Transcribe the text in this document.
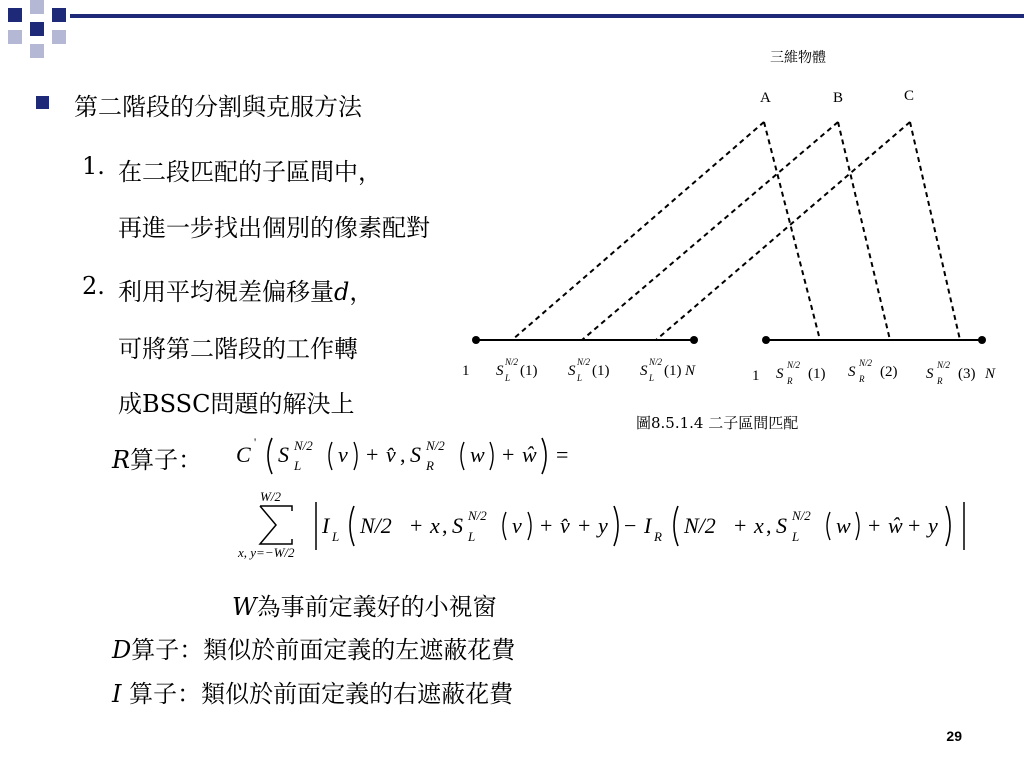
第二階段的分割與克服方法
1. 在二段匹配的子區間中，
再進一步找出個別的像素配對
2. 利用平均視差偏移量d，
可將第二階段的工作轉
成BSSC問題的解決上
R算子：
W為事前定義好的小視窗
D算子：類似於前面定義的左遮蔽花費
I 算子：類似於前面定義的右遮蔽花費
三維物體
A	B	C
1	N	1	N
S
N/2
L (1) S
N/2
L (1) S
N/2
L (1)	S
N/2
R (1) S
N/2
R (2) S
N/2
R (3)
圖8.5.1.4 二子區間匹配
C ' S N/2
L v + v̂ , S N/2
R w + ŵ =
W/2
x, y=−W/2
I L N/2 + x , S N/2
L v + v̂ + y − I R N/2 + x , S N/2
L w + ŵ + y
29
